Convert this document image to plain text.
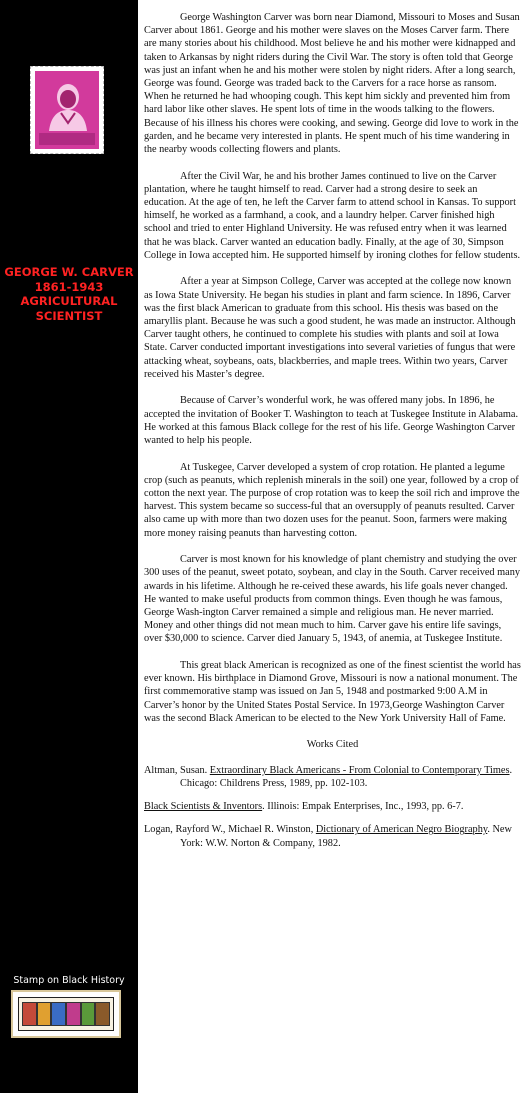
GEORGE W. CARVER
1861-1943
AGRICULTURAL
SCIENTIST
Stamp on Black History

George Washington Carver was born near Diamond, Missouri to Moses and Susan Carver about 1861. George and his mother were slaves on the Moses Carver farm. There are many stories about his childhood. Most believe he and his mother were kidnapped and taken to Arkansas by night riders during the Civil War. The story is often told that George was just an infant when he and his mother were stolen by night riders. After a long search, George was found. George was traded back to the Carvers for a race horse as ransom. When he returned he had whooping cough. This kept him sickly and prevented him from hard labor like other slaves. He spent lots of time in the woods talking to the flowers. Because of his illness his chores were cooking, and sewing. George did love to work in the garden, and he became very interested in plants. He spent much of his time wandering in the nearby woods collecting flowers and plants.

After the Civil War, he and his brother James continued to live on the Carver plantation, where he taught himself to read. Carver had a strong desire to seek an education. At the age of ten, he left the Carver farm to attend school in Kansas. To support himself, he worked as a farmhand, a cook, and a laundry helper. Carver finished high school and tried to enter Highland University. He was refused entry when it was learned that he was black. Carver wanted an education badly. Finally, at the age of 30, Simpson College in Iowa accepted him. He supported himself by ironing clothes for fellow students.

After a year at Simpson College, Carver was accepted at the college now known as Iowa State University. He began his studies in plant and farm science. In 1896, Carver was the first black American to graduate from this school. His thesis was based on the amaryllis plant. Because he was such a good student, he was made an instructor. Although Carver taught others, he continued to complete his studies with plants and soil at Iowa State. Carver conducted important investigations into several varieties of fungus that were attacking wheat, soybeans, oats, blackberries, and maple trees. Within two years, Carver received his Master’s degree.

Because of Carver’s wonderful work, he was offered many jobs. In 1896, he accepted the invitation of Booker T. Washington to teach at Tuskegee Institute in Alabama. He worked at this famous Black college for the rest of his life. George Washington Carver wanted to help his people.

At Tuskegee, Carver developed a system of crop rotation. He planted a legume crop (such as peanuts, which replenish minerals in the soil) one year, followed by a crop of cotton the next year. The purpose of crop rotation was to keep the soil rich and improve the harvest. This system became so success-ful that an oversupply of peanuts resulted. Carver also came up with more than two dozen uses for the peanut. Soon, farmers were making more money raising peanuts than harvesting cotton.

Carver is most known for his knowledge of plant chemistry and studying the over 300 uses of the peanut, sweet potato, soybean, and clay in the South. Carver received many awards in his lifetime. Although he re-ceived these awards, his life goals never changed. He wanted to make useful products from common things. Even though he was famous, George Wash-ington Carver remained a simple and religious man. He never married. Money and other things did not mean much to him. Carver gave his entire life savings, over $30,000 to science. Carver died January 5, 1943, of anemia, at Tuskegee Institute.

This great black American is recognized as one of the finest scientist the world has ever known. His birthplace in Diamond Grove, Missouri is now a national monument. The first commemorative stamp was issued on Jan 5, 1948 and postmarked 9:00 A.M in Carver’s honor by the United States Postal Service. In 1973,George Washington Carver was the second Black American to be elected to the New York University Hall of Fame.

Works Cited
Altman, Susan. Extraordinary Black Americans - From Colonial to Contemporary Times. Chicago: Childrens Press, 1989, pp. 102-103.
Black Scientists & Inventors. Illinois: Empak Enterprises, Inc., 1993, pp. 6-7.
Logan, Rayford W., Michael R. Winston, Dictionary of American Negro Biography. New York: W.W. Norton & Company, 1982.
